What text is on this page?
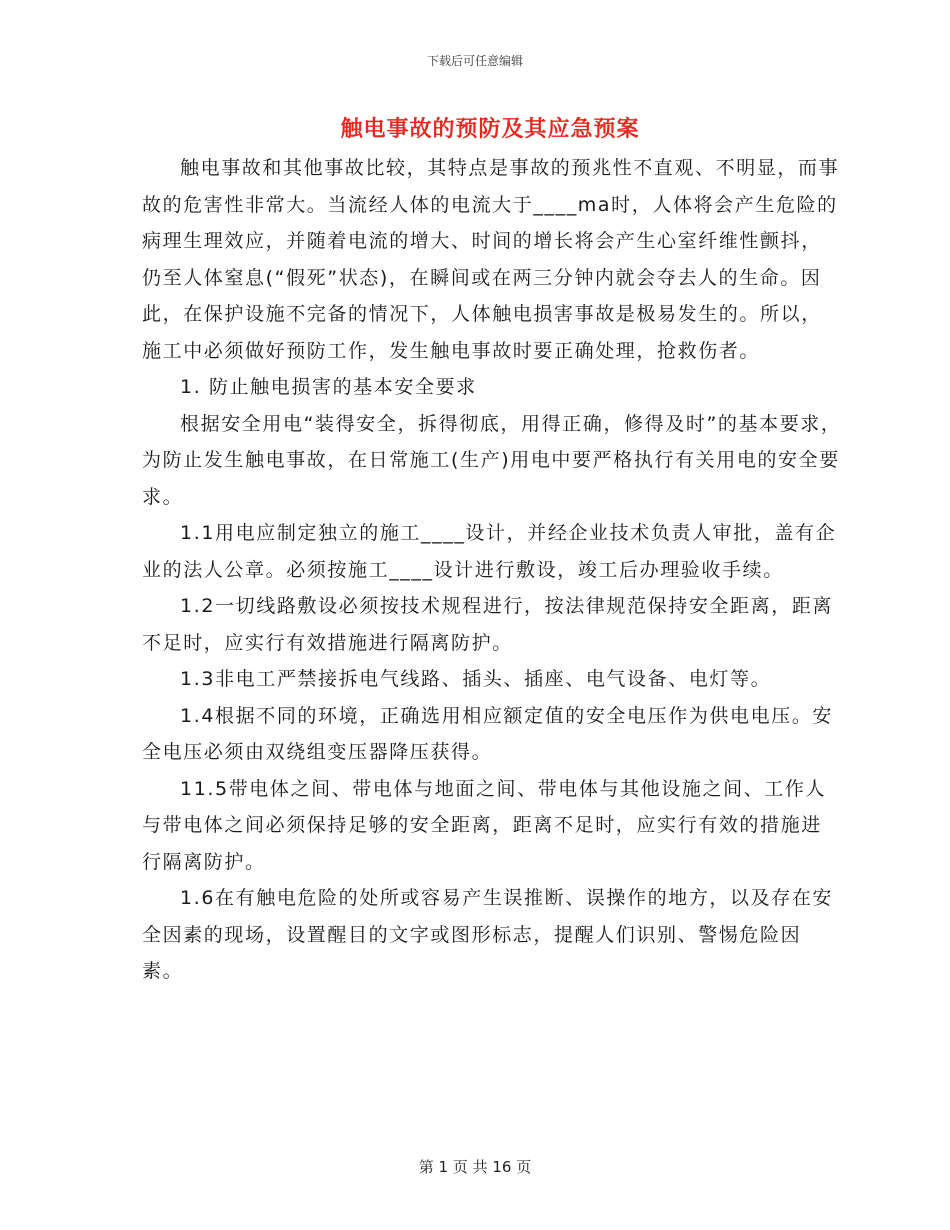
下载后可任意编辑
触电事故的预防及其应急预案

触电事故和其他事故比较，其特点是事故的预兆性不直观、不明显，而事故的危害性非常大。当流经人体的电流大于____ma时，人体将会产生危险的病理生理效应，并随着电流的增大、时间的增长将会产生心室纤维性颤抖，仍至人体窒息(“假死”状态)，在瞬间或在两三分钟内就会夺去人的生命。因此，在保护设施不完备的情况下，人体触电损害事故是极易发生的。所以，施工中必须做好预防工作，发生触电事故时要正确处理，抢救伤者。

1. 防止触电损害的基本安全要求

根据安全用电“装得安全，拆得彻底，用得正确，修得及时”的基本要求，为防止发生触电事故，在日常施工(生产)用电中要严格执行有关用电的安全要求。

1.1用电应制定独立的施工____设计，并经企业技术负责人审批，盖有企业的法人公章。必须按施工____设计进行敷设，竣工后办理验收手续。

1.2一切线路敷设必须按技术规程进行，按法律规范保持安全距离，距离不足时，应实行有效措施进行隔离防护。

1.3非电工严禁接拆电气线路、插头、插座、电气设备、电灯等。

1.4根据不同的环境，正确选用相应额定值的安全电压作为供电电压。安全电压必须由双绕组变压器降压获得。

11.5带电体之间、带电体与地面之间、带电体与其他设施之间、工作人与带电体之间必须保持足够的安全距离，距离不足时，应实行有效的措施进行隔离防护。

1.6在有触电危险的处所或容易产生误推断、误操作的地方，以及存在安全因素的现场，设置醒目的文字或图形标志，提醒人们识别、警惕危险因素。

第 1 页 共 16 页
